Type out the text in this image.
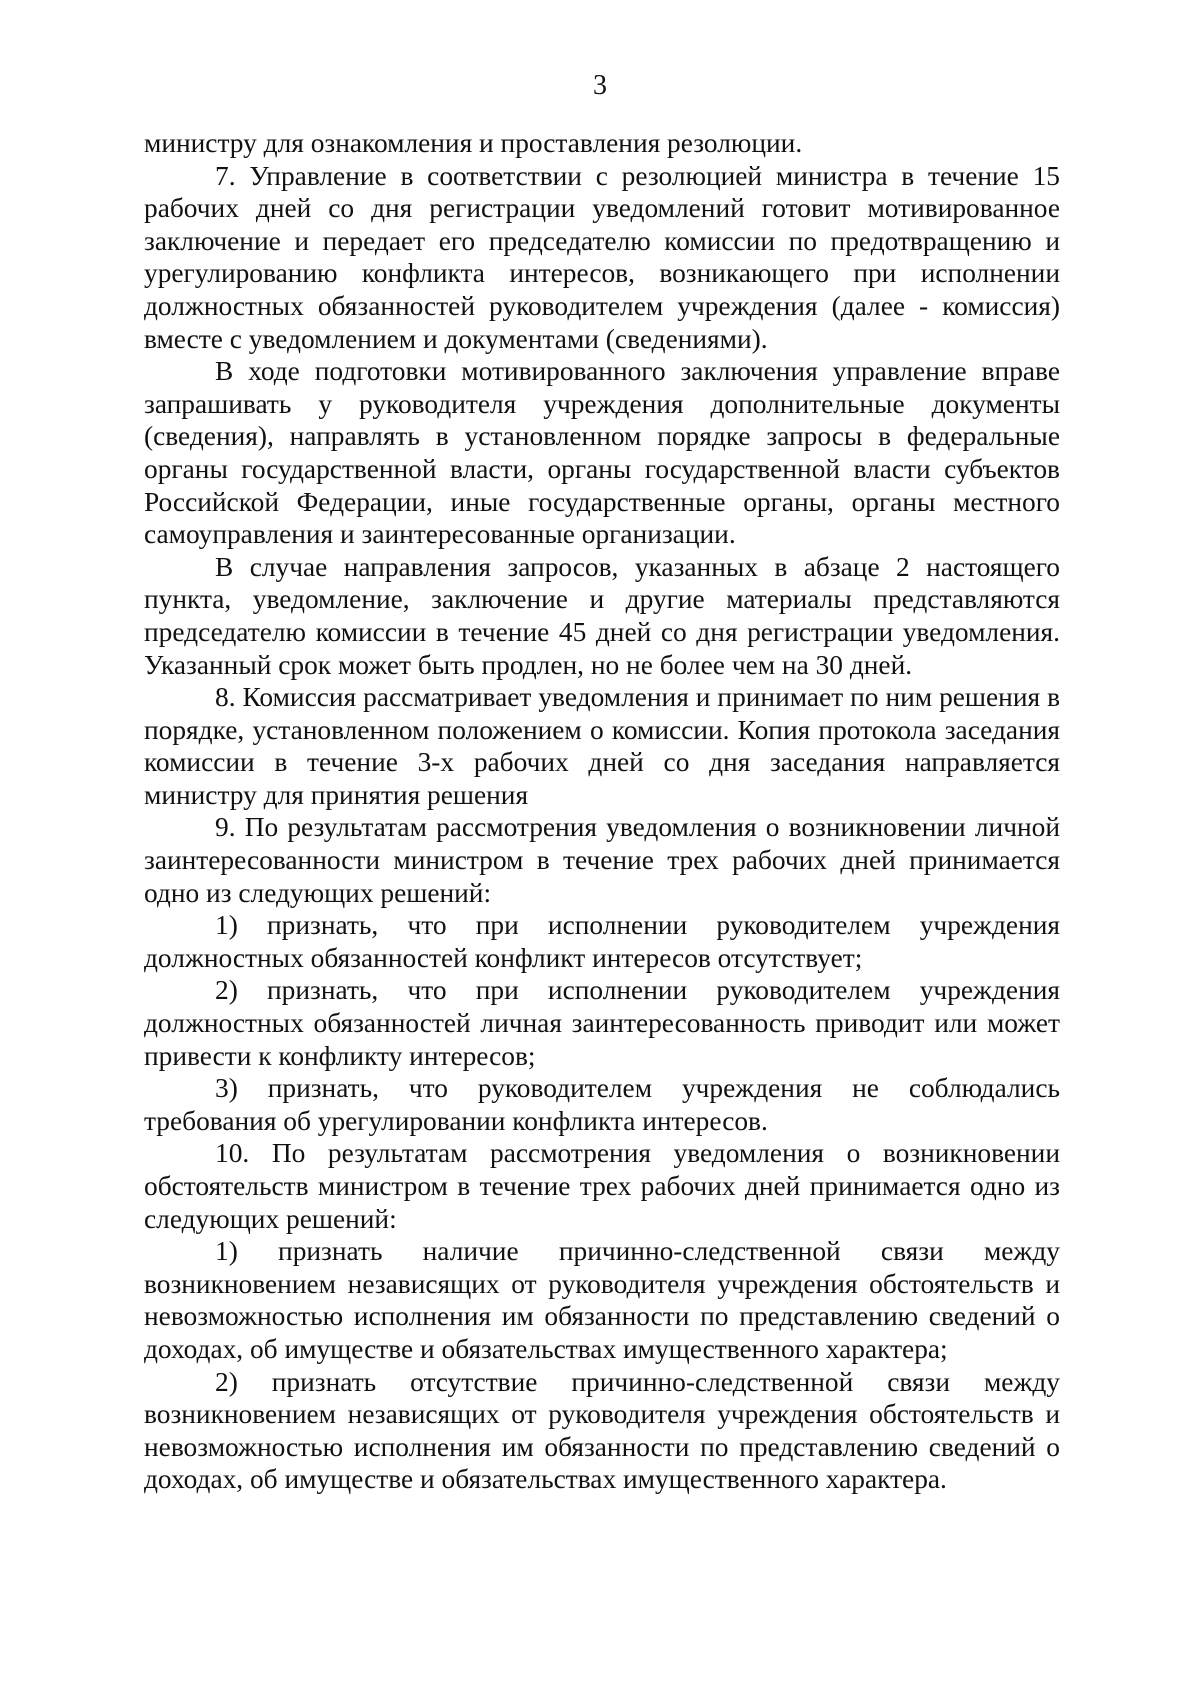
3

министру для ознакомления и проставления резолюции.

7. Управление в соответствии с резолюцией министра в течение 15 рабочих дней со дня регистрации уведомлений готовит мотивированное заключение и передает его председателю комиссии по предотвращению и урегулированию конфликта интересов, возникающего при исполнении должностных обязанностей руководителем учреждения (далее - комиссия) вместе с уведомлением и документами (сведениями).

В ходе подготовки мотивированного заключения управление вправе запрашивать у руководителя учреждения дополнительные документы (сведения), направлять в установленном порядке запросы в федеральные органы государственной власти, органы государственной власти субъектов Российской Федерации, иные государственные органы, органы местного самоуправления и заинтересованные организации.

В случае направления запросов, указанных в абзаце 2 настоящего пункта, уведомление, заключение и другие материалы представляются председателю комиссии в течение 45 дней со дня регистрации уведомления. Указанный срок может быть продлен, но не более чем на 30 дней.

8. Комиссия рассматривает уведомления и принимает по ним решения в порядке, установленном положением о комиссии. Копия протокола заседания комиссии в течение 3-х рабочих дней со дня заседания направляется министру для принятия решения

9. По результатам рассмотрения уведомления о возникновении личной заинтересованности министром в течение трех рабочих дней принимается одно из следующих решений:

1) признать, что при исполнении руководителем учреждения должностных обязанностей конфликт интересов отсутствует;

2) признать, что при исполнении руководителем учреждения должностных обязанностей личная заинтересованность приводит или может привести к конфликту интересов;

3) признать, что руководителем учреждения не соблюдались требования об урегулировании конфликта интересов.

10. По результатам рассмотрения уведомления о возникновении обстоятельств министром в течение трех рабочих дней принимается одно из следующих решений:

1) признать наличие причинно-следственной связи между возникновением независящих от руководителя учреждения обстоятельств и невозможностью исполнения им обязанности по представлению сведений о доходах, об имуществе и обязательствах имущественного характера;

2) признать отсутствие причинно-следственной связи между возникновением независящих от руководителя учреждения обстоятельств и невозможностью исполнения им обязанности по представлению сведений о доходах, об имуществе и обязательствах имущественного характера.
